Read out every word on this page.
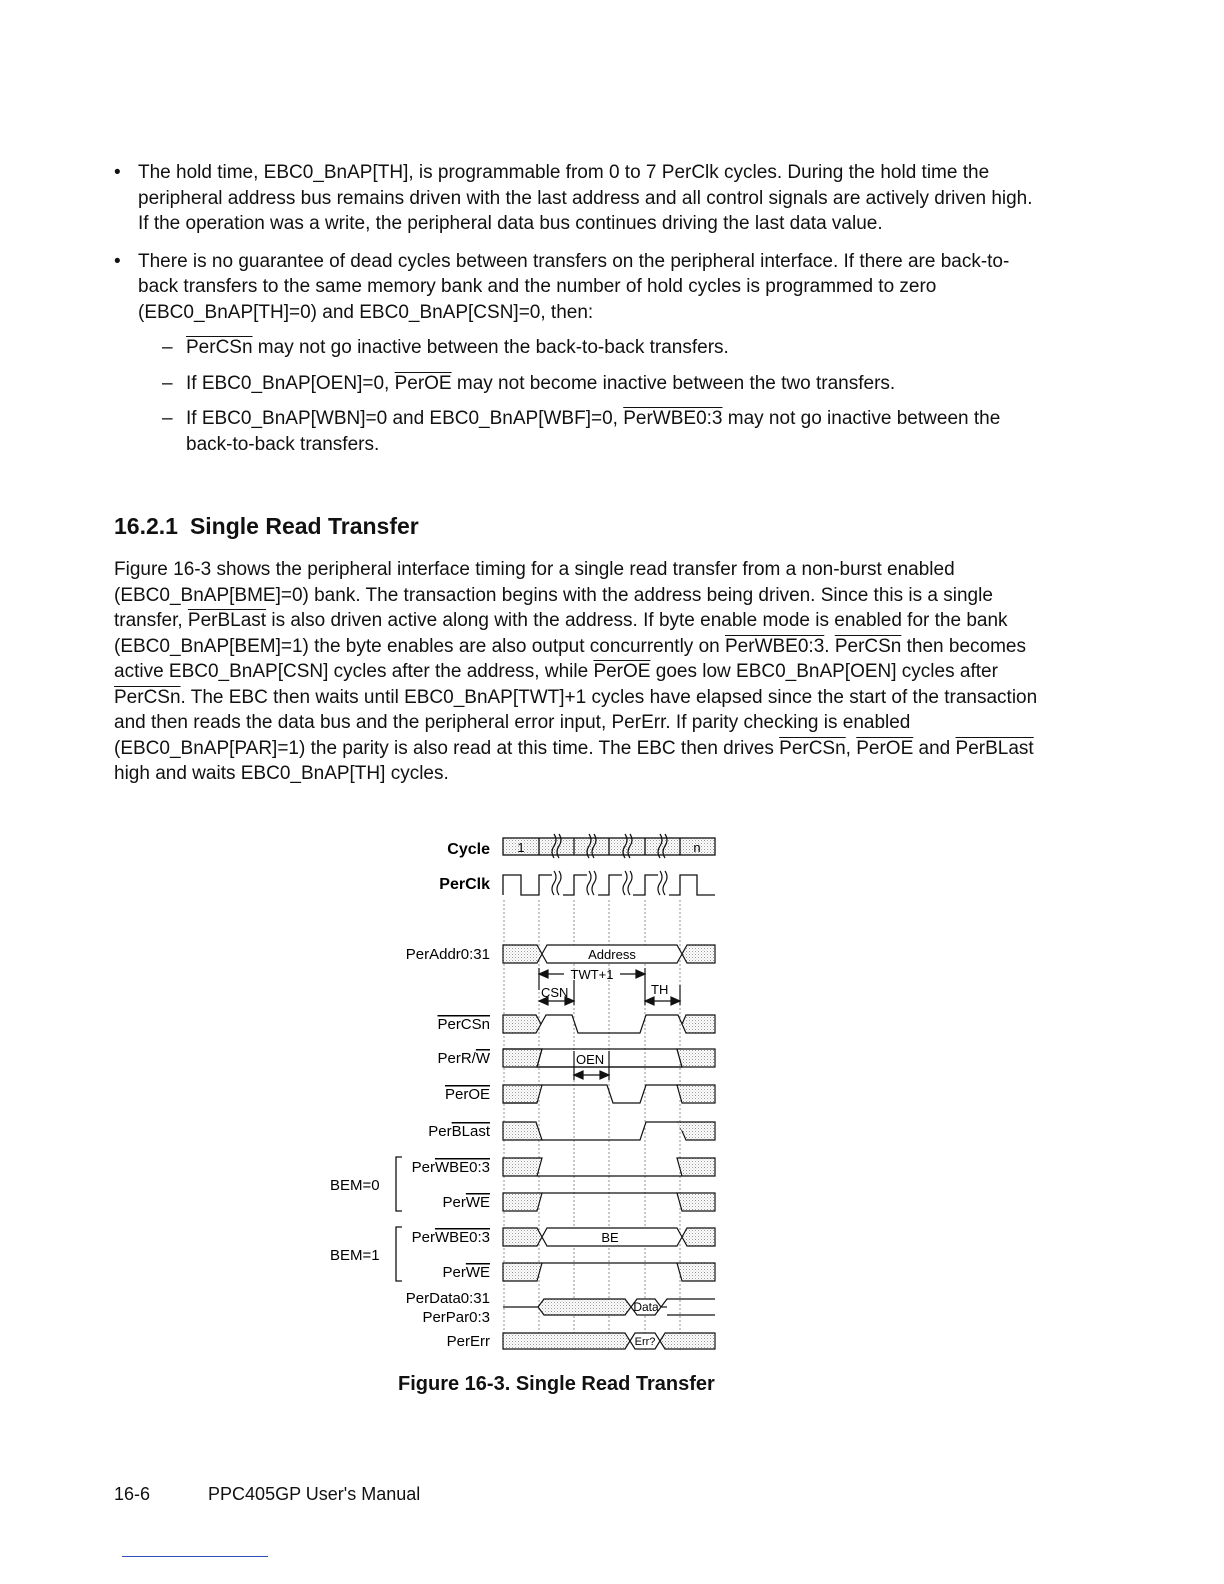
• The hold time, EBC0_BnAP[TH], is programmable from 0 to 7 PerClk cycles. During the hold time the peripheral address bus remains driven with the last address and all control signals are actively driven high. If the operation was a write, the peripheral data bus continues driving the last data value.
• There is no guarantee of dead cycles between transfers on the peripheral interface. If there are back-to-back transfers to the same memory bank and the number of hold cycles is programmed to zero (EBC0_BnAP[TH]=0) and EBC0_BnAP[CSN]=0, then:
– PerCSn may not go inactive between the back-to-back transfers.
– If EBC0_BnAP[OEN]=0, PerOE may not become inactive between the two transfers.
– If EBC0_BnAP[WBN]=0 and EBC0_BnAP[WBF]=0, PerWBE0:3 may not go inactive between the back-to-back transfers.
16.2.1 Single Read Transfer

Figure 16-3 shows the peripheral interface timing for a single read transfer from a non-burst enabled (EBC0_BnAP[BME]=0) bank. The transaction begins with the address being driven. Since this is a single transfer, PerBLast is also driven active along with the address. If byte enable mode is enabled for the bank (EBC0_BnAP[BEM]=1) the byte enables are also output concurrently on PerWBE0:3. PerCSn then becomes active EBC0_BnAP[CSN] cycles after the address, while PerOE goes low EBC0_BnAP[OEN] cycles after PerCSn. The EBC then waits until EBC0_BnAP[TWT]+1 cycles have elapsed since the start of the transaction and then reads the data bus and the peripheral error input, PerErr. If parity checking is enabled (EBC0_BnAP[PAR]=1) the parity is also read at this time. The EBC then drives PerCSn, PerOE and PerBLast high and waits EBC0_BnAP[TH] cycles.

Cycle 1	n
PerClk
PerAddr0:31	Address
TWT+1
CSN	TH
PerCSn
PerR/W	OEN
PerOE
PerBLast
BEM=0
PerWBE0:3
PerWE
BEM=1
PerWBE0:3	BE
PerWE
PerData0:31
PerPar0:3
Data
PerErr	Err?

Figure 16-3. Single Read Transfer

16-6	PPC405GP User's Manual
